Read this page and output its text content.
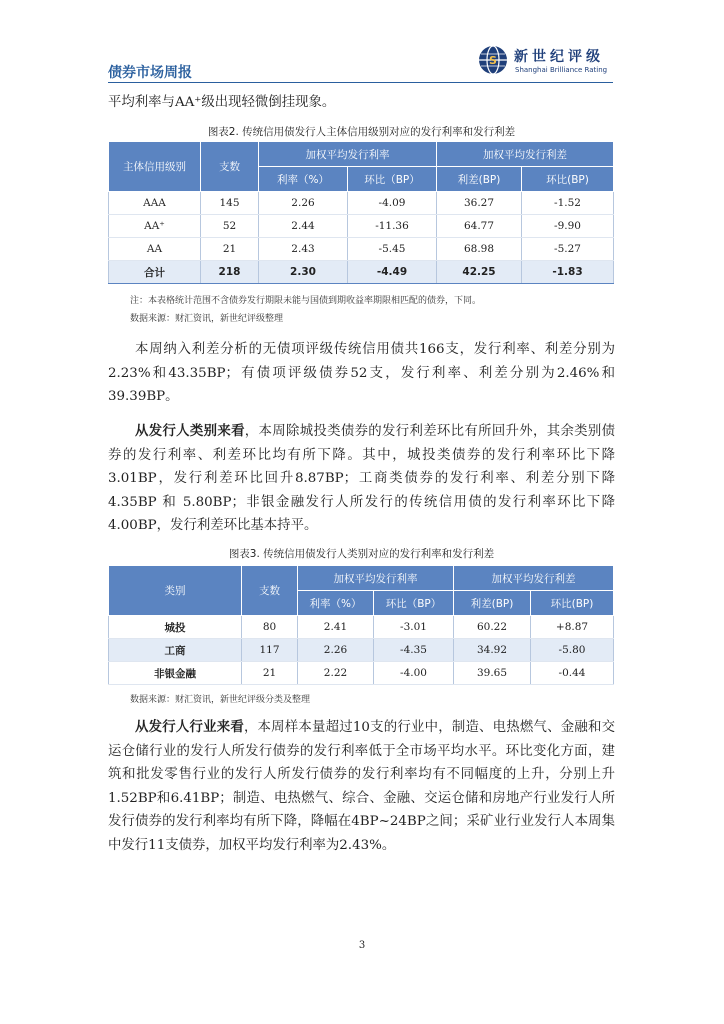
债券市场周报
S 新世纪评级
Shanghai Brilliance Rating

平均利率与AA⁺级出现轻微倒挂现象。

图表2. 传统信用债发行人主体信用级别对应的发行利率和发行利差
主体信用级别	支数	加权平均发行利率		加权平均发行利差	
		利率（%）	环比（BP）	利差(BP)	环比(BP)
AAA	145	2.26	-4.09	36.27	-1.52
AA⁺	52	2.44	-11.36	64.77	-9.90
AA	21	2.43	-5.45	68.98	-5.27
合计	218	2.30	-4.49	42.25	-1.83
注：本表格统计范围不含债券发行期限未能与国债到期收益率期限相匹配的债券，下同。
数据来源：财汇资讯，新世纪评级整理

本周纳入利差分析的无债项评级传统信用债共166支，发行利率、利差分别为2.23%和43.35BP；有债项评级债券52支，发行利率、利差分别为2.46%和39.39BP。

从发行人类别来看，本周除城投类债券的发行利差环比有所回升外，其余类别债券的发行利率、利差环比均有所下降。其中，城投类债券的发行利率环比下降3.01BP，发行利差环比回升8.87BP；工商类债券的发行利率、利差分别下降4.35BP 和 5.80BP；非银金融发行人所发行的传统信用债的发行利率环比下降4.00BP，发行利差环比基本持平。

图表3. 传统信用债发行人类别对应的发行利率和发行利差
类别	支数	加权平均发行利率		加权平均发行利差	
		利率（%）	环比（BP）	利差(BP)	环比(BP)
城投	80	2.41	-3.01	60.22	+8.87
工商	117	2.26	-4.35	34.92	-5.80
非银金融	21	2.22	-4.00	39.65	-0.44
数据来源：财汇资讯，新世纪评级分类及整理

从发行人行业来看，本周样本量超过10支的行业中，制造、电热燃气、金融和交运仓储行业的发行人所发行债券的发行利率低于全市场平均水平。环比变化方面，建筑和批发零售行业的发行人所发行债券的发行利率均有不同幅度的上升，分别上升1.52BP和6.41BP；制造、电热燃气、综合、金融、交运仓储和房地产行业发行人所发行债券的发行利率均有所下降，降幅在4BP~24BP之间；采矿业行业发行人本周集中发行11支债券，加权平均发行利率为2.43%。

3
